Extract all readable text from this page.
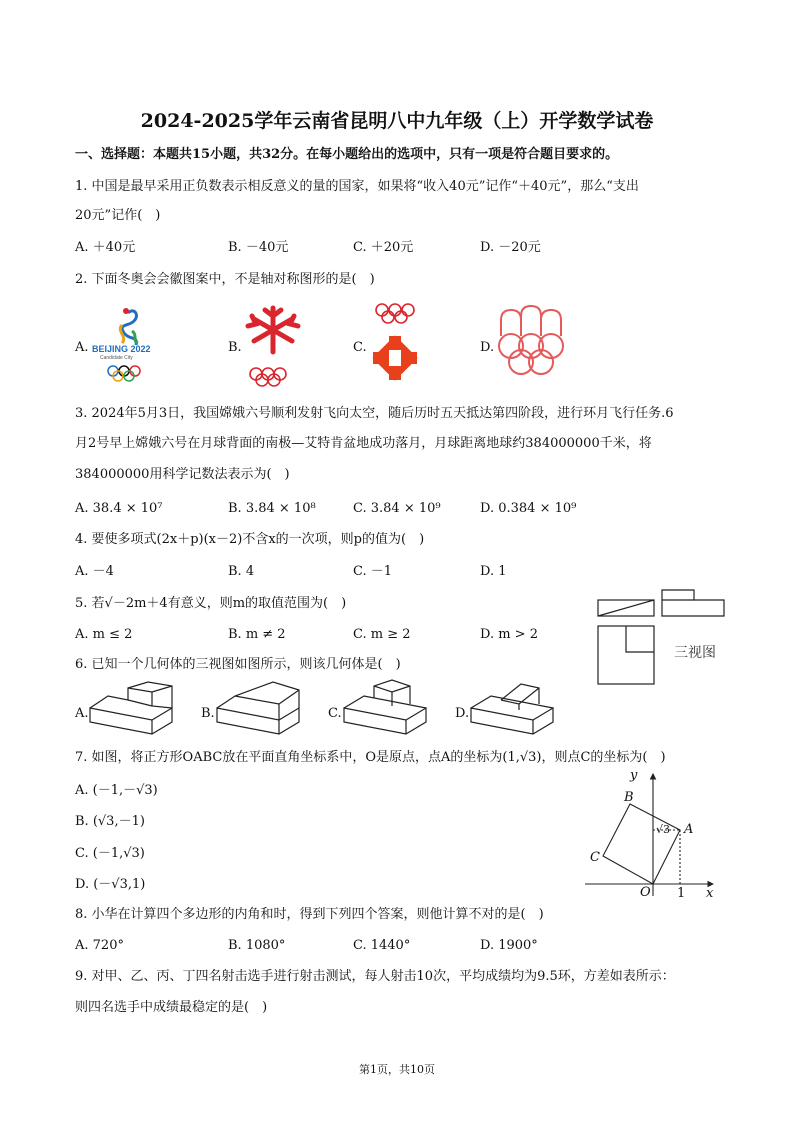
2024-2025学年云南省昆明八中九年级（上）开学数学试卷
一、选择题：本题共15小题，共32分。在每小题给出的选项中，只有一项是符合题目要求的。
1. 中国是最早采用正负数表示相反意义的量的国家，如果将“收入40元”记作“＋40元”，那么“支出
20元”记作(　)
A. ＋40元	B. －40元	C. ＋20元	D. －20元
2. 下面冬奥会会徽图案中，不是轴对称图形的是(　)
A.	B.	C.	D.
BEIJING 2022
Candidate City
3. 2024年5月3日，我国嫦娥六号顺利发射飞向太空，随后历时五天抵达第四阶段，进行环月飞行任务.6
月2号早上嫦娥六号在月球背面的南极—艾特肯盆地成功落月，月球距离地球约384000000千米，将
384000000用科学记数法表示为(　)
A. 38.4 × 10⁷	B. 3.84 × 10⁸	C. 3.84 × 10⁹	D. 0.384 × 10⁹
4. 要使多项式(2x＋p)(x－2)不含x的一次项，则p的值为(　)
A. －4	B. 4	C. －1	D. 1
5. 若√－2m＋4有意义，则m的取值范围为(　)
A. m ≤ 2	B. m ≠ 2	C. m ≥ 2	D. m > 2
三视图
6. 已知一个几何体的三视图如图所示，则该几何体是(　)
A.	B.	C.	D.
7. 如图，将正方形OABC放在平面直角坐标系中，O是原点，点A的坐标为(1,√3)，则点C的坐标为(　)
A. (－1,－√3)
B. (√3,－1)
C. (－1,√3)
D. (－√3,1)
y
x
B
A
C
O 1
√3
8. 小华在计算四个多边形的内角和时，得到下列四个答案，则他计算不对的是(　)
A. 720°	B. 1080°	C. 1440°	D. 1900°
9. 对甲、乙、丙、丁四名射击选手进行射击测试，每人射击10次，平均成绩均为9.5环，方差如表所示：
则四名选手中成绩最稳定的是(　)
第1页，共10页
